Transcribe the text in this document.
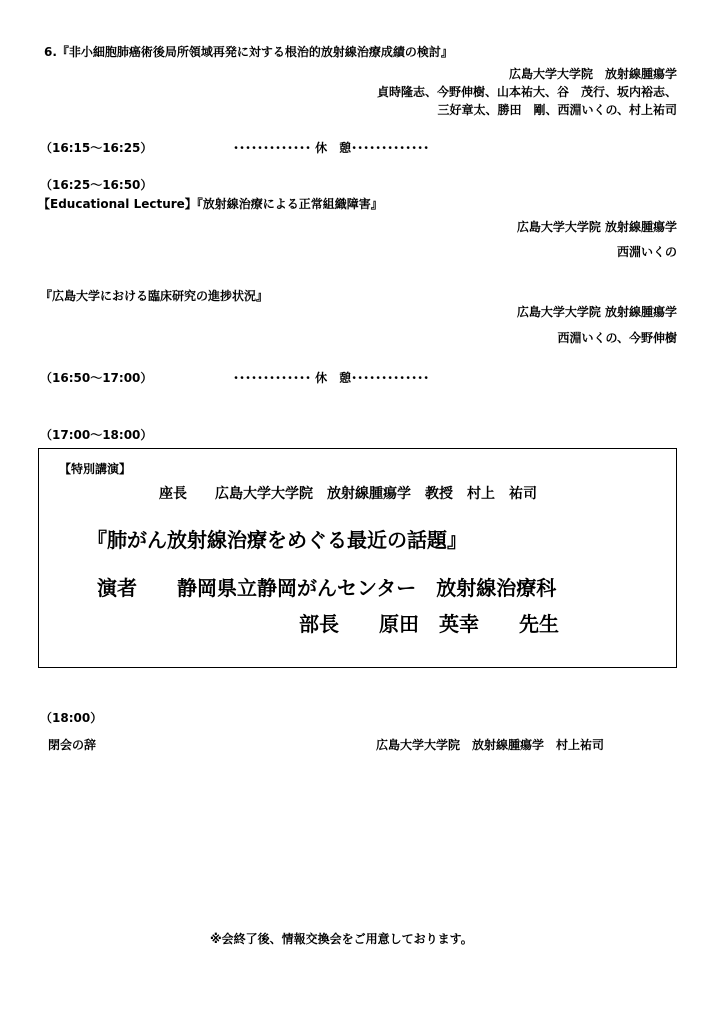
6.『非小細胞肺癌術後局所領域再発に対する根治的放射線治療成績の検討』
広島大学大学院　放射線腫瘍学
貞時隆志、今野伸樹、山本祐大、谷　茂行、坂内裕志、
三好章太、勝田　剛、西淵いくの、村上祐司
（16:15～16:25）	･････････････ 休　憩･････････････
（16:25～16:50）
【Educational Lecture】『放射線治療による正常組織障害』
広島大学大学院 放射線腫瘍学
西淵いくの
『広島大学における臨床研究の進捗状況』
広島大学大学院 放射線腫瘍学
西淵いくの、今野伸樹
（16:50～17:00）	･････････････ 休　憩･････････････
（17:00～18:00）
【特別講演】
座長　　広島大学大学院　放射線腫瘍学　教授　村上　祐司
『肺がん放射線治療をめぐる最近の話題』
演者　　静岡県立静岡がんセンター　放射線治療科
部長　　原田　英幸　　先生
（18:00）
閉会の辞	広島大学大学院　放射線腫瘍学　村上祐司
※会終了後、情報交換会をご用意しております。
